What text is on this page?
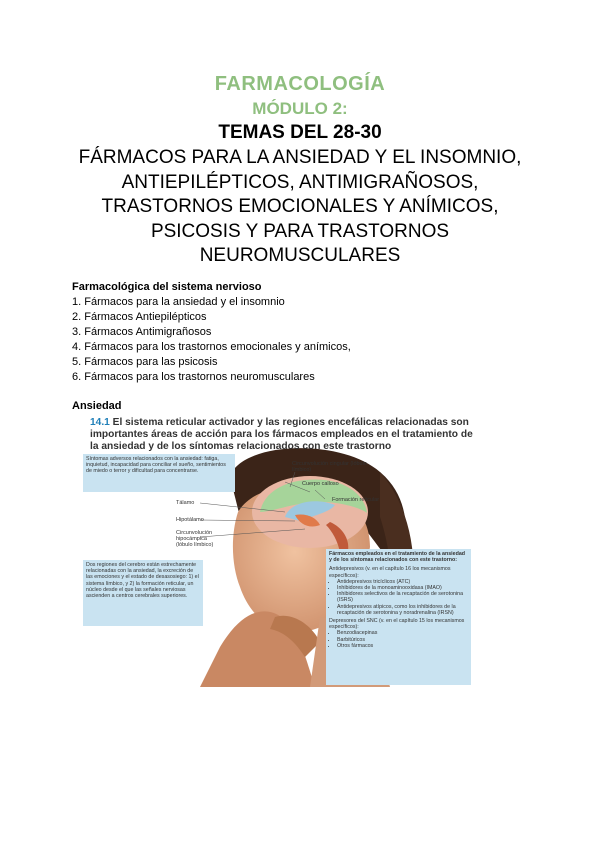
FARMACOLOGÍA
MÓDULO 2:
TEMAS DEL 28-30
FÁRMACOS PARA LA ANSIEDAD Y EL INSOMNIO, ANTIEPILÉPTICOS, ANTIMIGRAÑOSOS, TRASTORNOS EMOCIONALES Y ANÍMICOS, PSICOSIS Y PARA TRASTORNOS NEUROMUSCULARES
Farmacológica del sistema nervioso
1. Fármacos para la ansiedad y el insomnio
2. Fármacos Antiepilépticos
3. Fármacos Antimigrañosos
4. Fármacos para los trastornos emocionales y anímicos,
5. Fármacos para las psicosis
6. Fármacos para los trastornos neuromusculares
Ansiedad
14.1 El sistema reticular activador y las regiones encefálicas relacionadas son importantes áreas de acción para los fármacos empleados en el tratamiento de la ansiedad y de los síntomas relacionados con este trastorno
Síntomas adversos relacionados con la ansiedad: fatiga, inquietud, incapacidad para conciliar el sueño, sentimientos de miedo o terror y dificultad para concentrarse.
Dos regiones del cerebro están estrechamente relacionadas con la ansiedad, la excreción de las emociones y el estado de desasosiego: 1) el sistema límbico, y 2) la formación reticular, un núcleo desde el que las señales nerviosas ascienden a centros cerebrales superiores.
Circunvolución cingular (lóbulo límbico)
Cuerpo calloso
Formación reticular
Tálamo
Hipotálamo
Circunvolución hipocámpica (lóbulo límbico)
Fármacos empleados en el tratamiento de la ansiedad y de los síntomas relacionados con este trastorno:
Antidepresivos (v. en el capítulo 16 los mecanismos específicos):
• Antidepresivos tricíclicos (ATC)
• Inhibidores de la monoaminooxidasa (IMAO)
• Inhibidores selectivos de la recaptación de serotonina (ISRS)
• Antidepresivos atípicos, como los inhibidores de la recaptación de serotonina y noradrenalina (IRSN)
Depresores del SNC (v. en el capítulo 15 los mecanismos específicos):
• Benzodiacepinas
• Barbitúricos
• Otros fármacos
